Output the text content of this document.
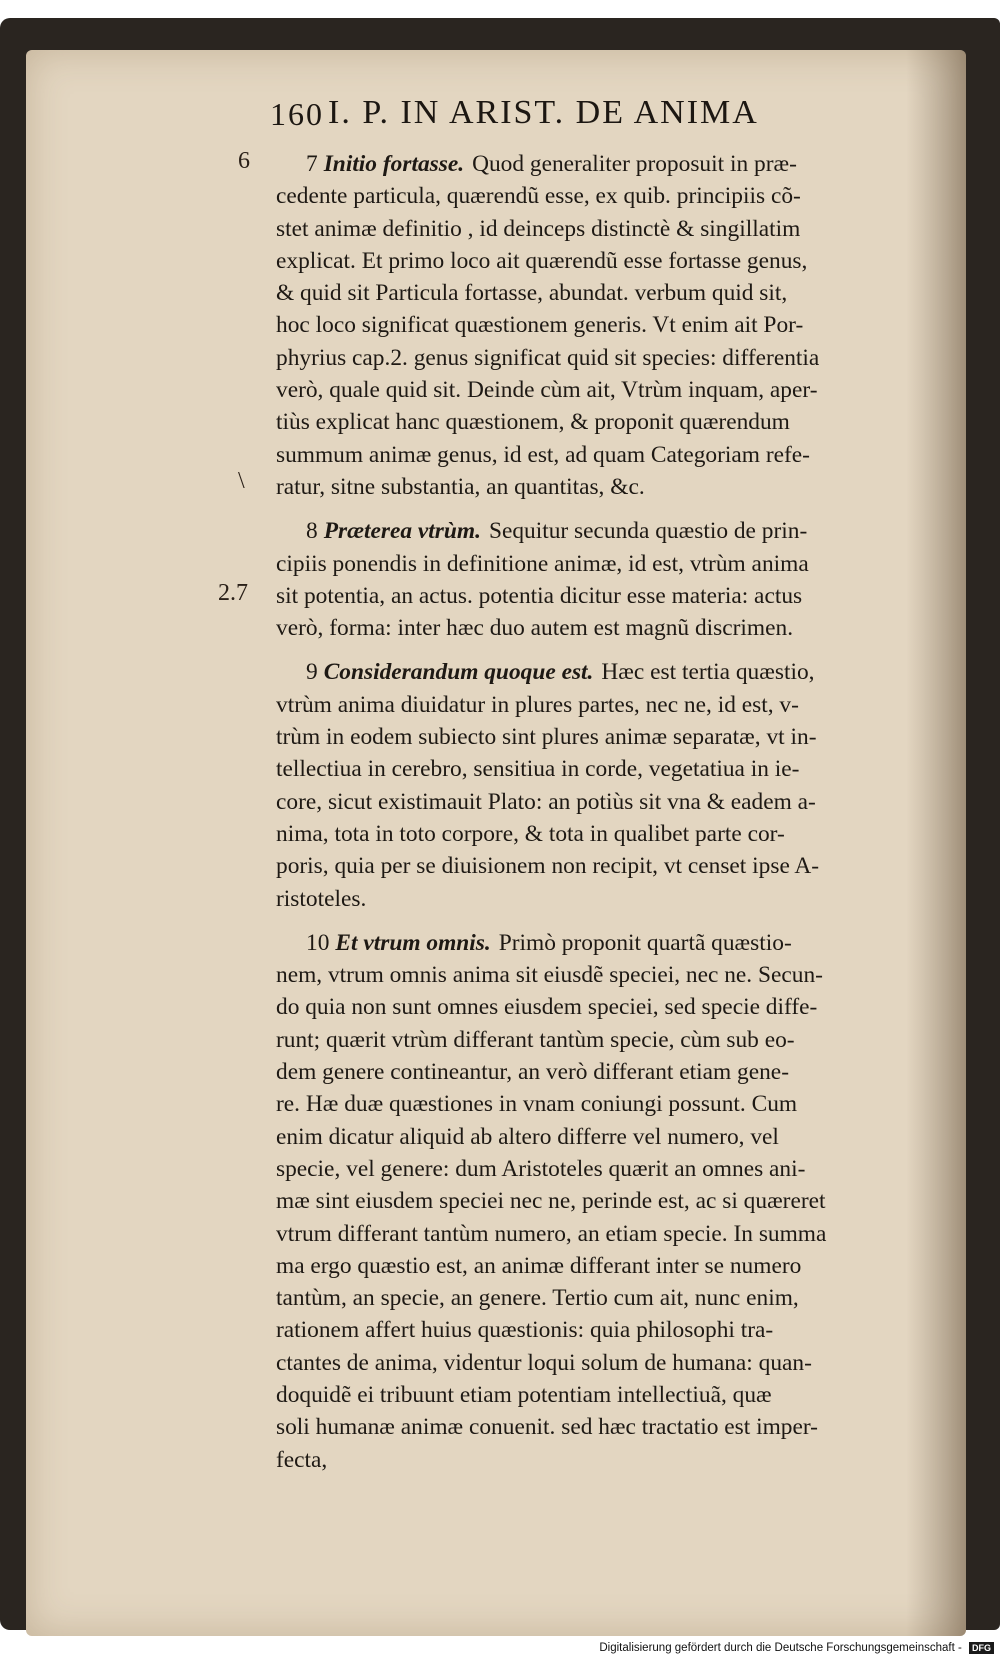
160 I. P. IN ARIST. DE ANIMA
6
\
2.7
7 Initio fortasse. Quod generaliter proposuit in præ-
cedente particula, quærendũ esse, ex quib. principiis cõ-
stet animæ definitio , id deinceps distinctè & singillatim
explicat. Et primo loco ait quærendũ esse fortasse genus,
& quid sit Particula fortasse, abundat. verbum quid sit,
hoc loco significat quæstionem generis. Vt enim ait Por-
phyrius cap.2. genus significat quid sit species: differentia
verò, quale quid sit. Deinde cùm ait, Vtrùm inquam, aper-
tiùs explicat hanc quæstionem, & proponit quærendum
summum animæ genus, id est, ad quam Categoriam refe-
ratur, sitne substantia, an quantitas, &c.
8 Præterea vtrùm. Sequitur secunda quæstio de prin-
cipiis ponendis in definitione animæ, id est, vtrùm anima
sit potentia, an actus. potentia dicitur esse materia: actus
verò, forma: inter hæc duo autem est magnũ discrimen.
9 Considerandum quoque est. Hæc est tertia quæstio,
vtrùm anima diuidatur in plures partes, nec ne, id est, v-
trùm in eodem subiecto sint plures animæ separatæ, vt in-
tellectiua in cerebro, sensitiua in corde, vegetatiua in ie-
core, sicut existimauit Plato: an potiùs sit vna & eadem a-
nima, tota in toto corpore, & tota in qualibet parte cor-
poris, quia per se diuisionem non recipit, vt censet ipse A-
ristoteles.
10 Et vtrum omnis. Primò proponit quartã quæstio-
nem, vtrum omnis anima sit eiusdẽ speciei, nec ne. Secun-
do quia non sunt omnes eiusdem speciei, sed specie diffe-
runt; quærit vtrùm differant tantùm specie, cùm sub eo-
dem genere contineantur, an verò differant etiam gene-
re. Hæ duæ quæstiones in vnam coniungi possunt. Cum
enim dicatur aliquid ab altero differre vel numero, vel
specie, vel genere: dum Aristoteles quærit an omnes ani-
mæ sint eiusdem speciei nec ne, perinde est, ac si quæreret
vtrum differant tantùm numero, an etiam specie. In summa
ma ergo quæstio est, an animæ differant inter se numero
tantùm, an specie, an genere. Tertio cum ait, nunc enim,
rationem affert huius quæstionis: quia philosophi tra-
ctantes de anima, videntur loqui solum de humana: quan-
doquidẽ ei tribuunt etiam potentiam intellectiuã, quæ
soli humanæ animæ conuenit. sed hæc tractatio est imper-
fecta,
Digitalisierung gefördert durch die Deutsche Forschungsgemeinschaft - DFG
